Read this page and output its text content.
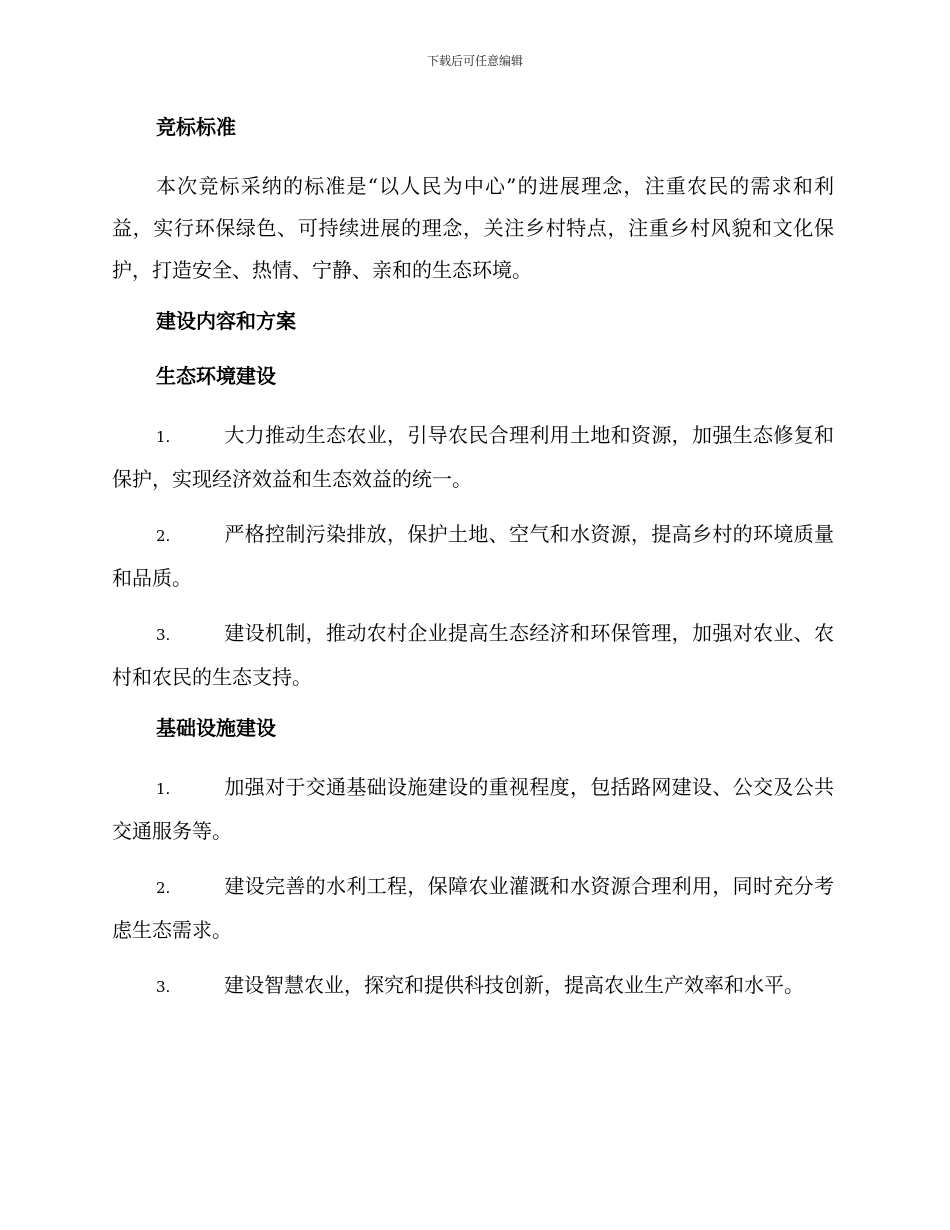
下载后可任意编辑
竞标标准
本次竞标采纳的标准是“以人民为中心”的进展理念，注重农民的需求和利益，实行环保绿色、可持续进展的理念，关注乡村特点，注重乡村风貌和文化保护，打造安全、热情、宁静、亲和的生态环境。
建设内容和方案
生态环境建设
1.	大力推动生态农业，引导农民合理利用土地和资源，加强生态修复和保护，实现经济效益和生态效益的统一。
2.	严格控制污染排放，保护土地、空气和水资源，提高乡村的环境质量和品质。
3.	建设机制，推动农村企业提高生态经济和环保管理，加强对农业、农村和农民的生态支持。
基础设施建设
1.	加强对于交通基础设施建设的重视程度，包括路网建设、公交及公共交通服务等。
2.	建设完善的水利工程，保障农业灌溉和水资源合理利用，同时充分考虑生态需求。
3.	建设智慧农业，探究和提供科技创新，提高农业生产效率和水平。
